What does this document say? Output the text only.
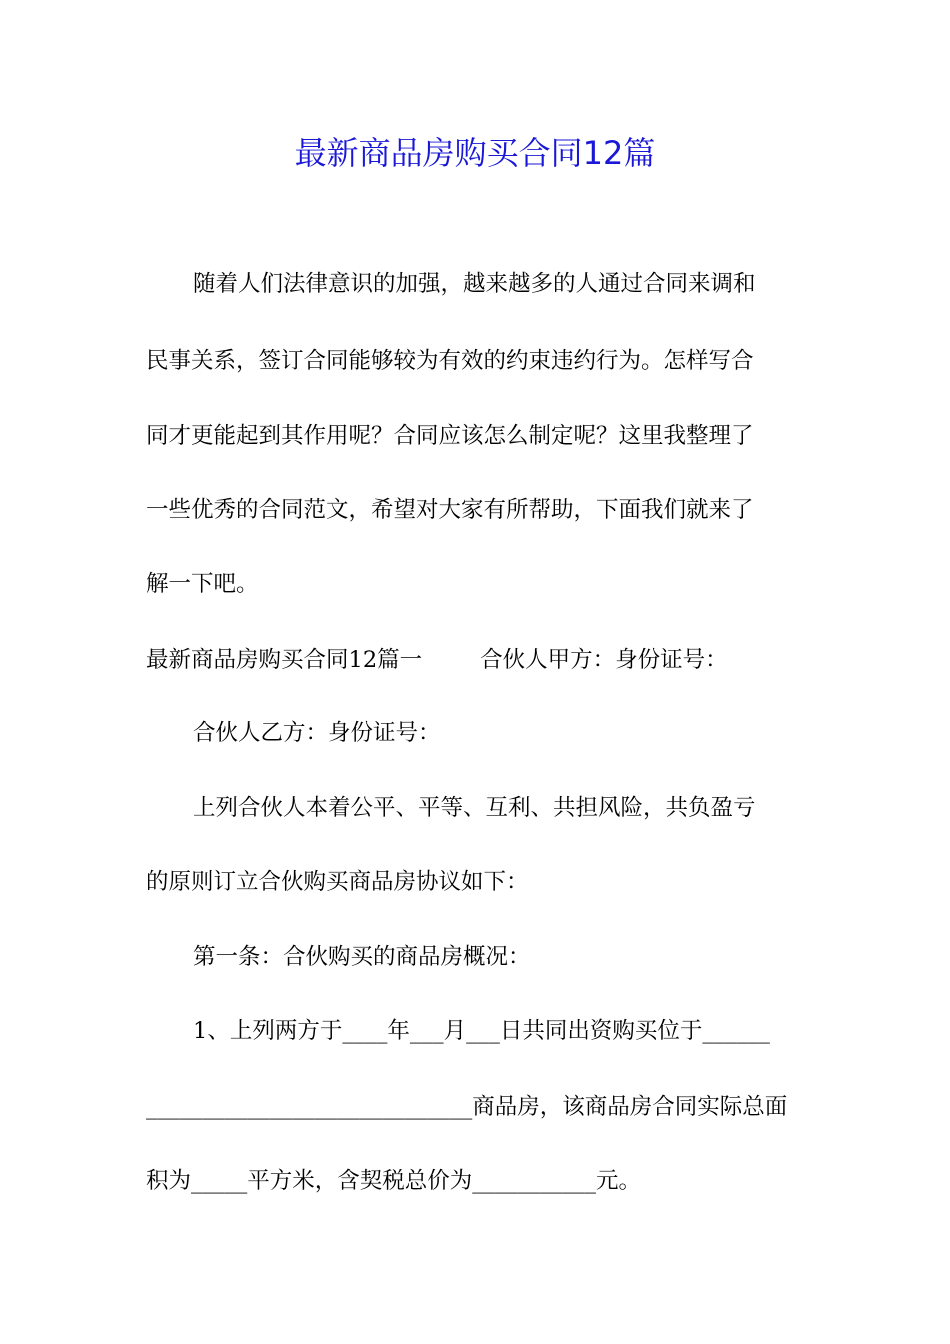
最新商品房购买合同12篇
随着人们法律意识的加强，越来越多的人通过合同来调和
民事关系，签订合同能够较为有效的约束违约行为。怎样写合
同才更能起到其作用呢？合同应该怎么制定呢？这里我整理了
一些优秀的合同范文，希望对大家有所帮助，下面我们就来了
解一下吧。
最新商品房购买合同12篇一	合伙人甲方：身份证号：
合伙人乙方：身份证号：
上列合伙人本着公平、平等、互利、共担风险，共负盈亏
的原则订立合伙购买商品房协议如下：
第一条：合伙购买的商品房概况：
1、上列两方于____年___月___日共同出资购买位于______
_____________________________商品房，该商品房合同实际总面
积为_____平方米，含契税总价为___________元。
